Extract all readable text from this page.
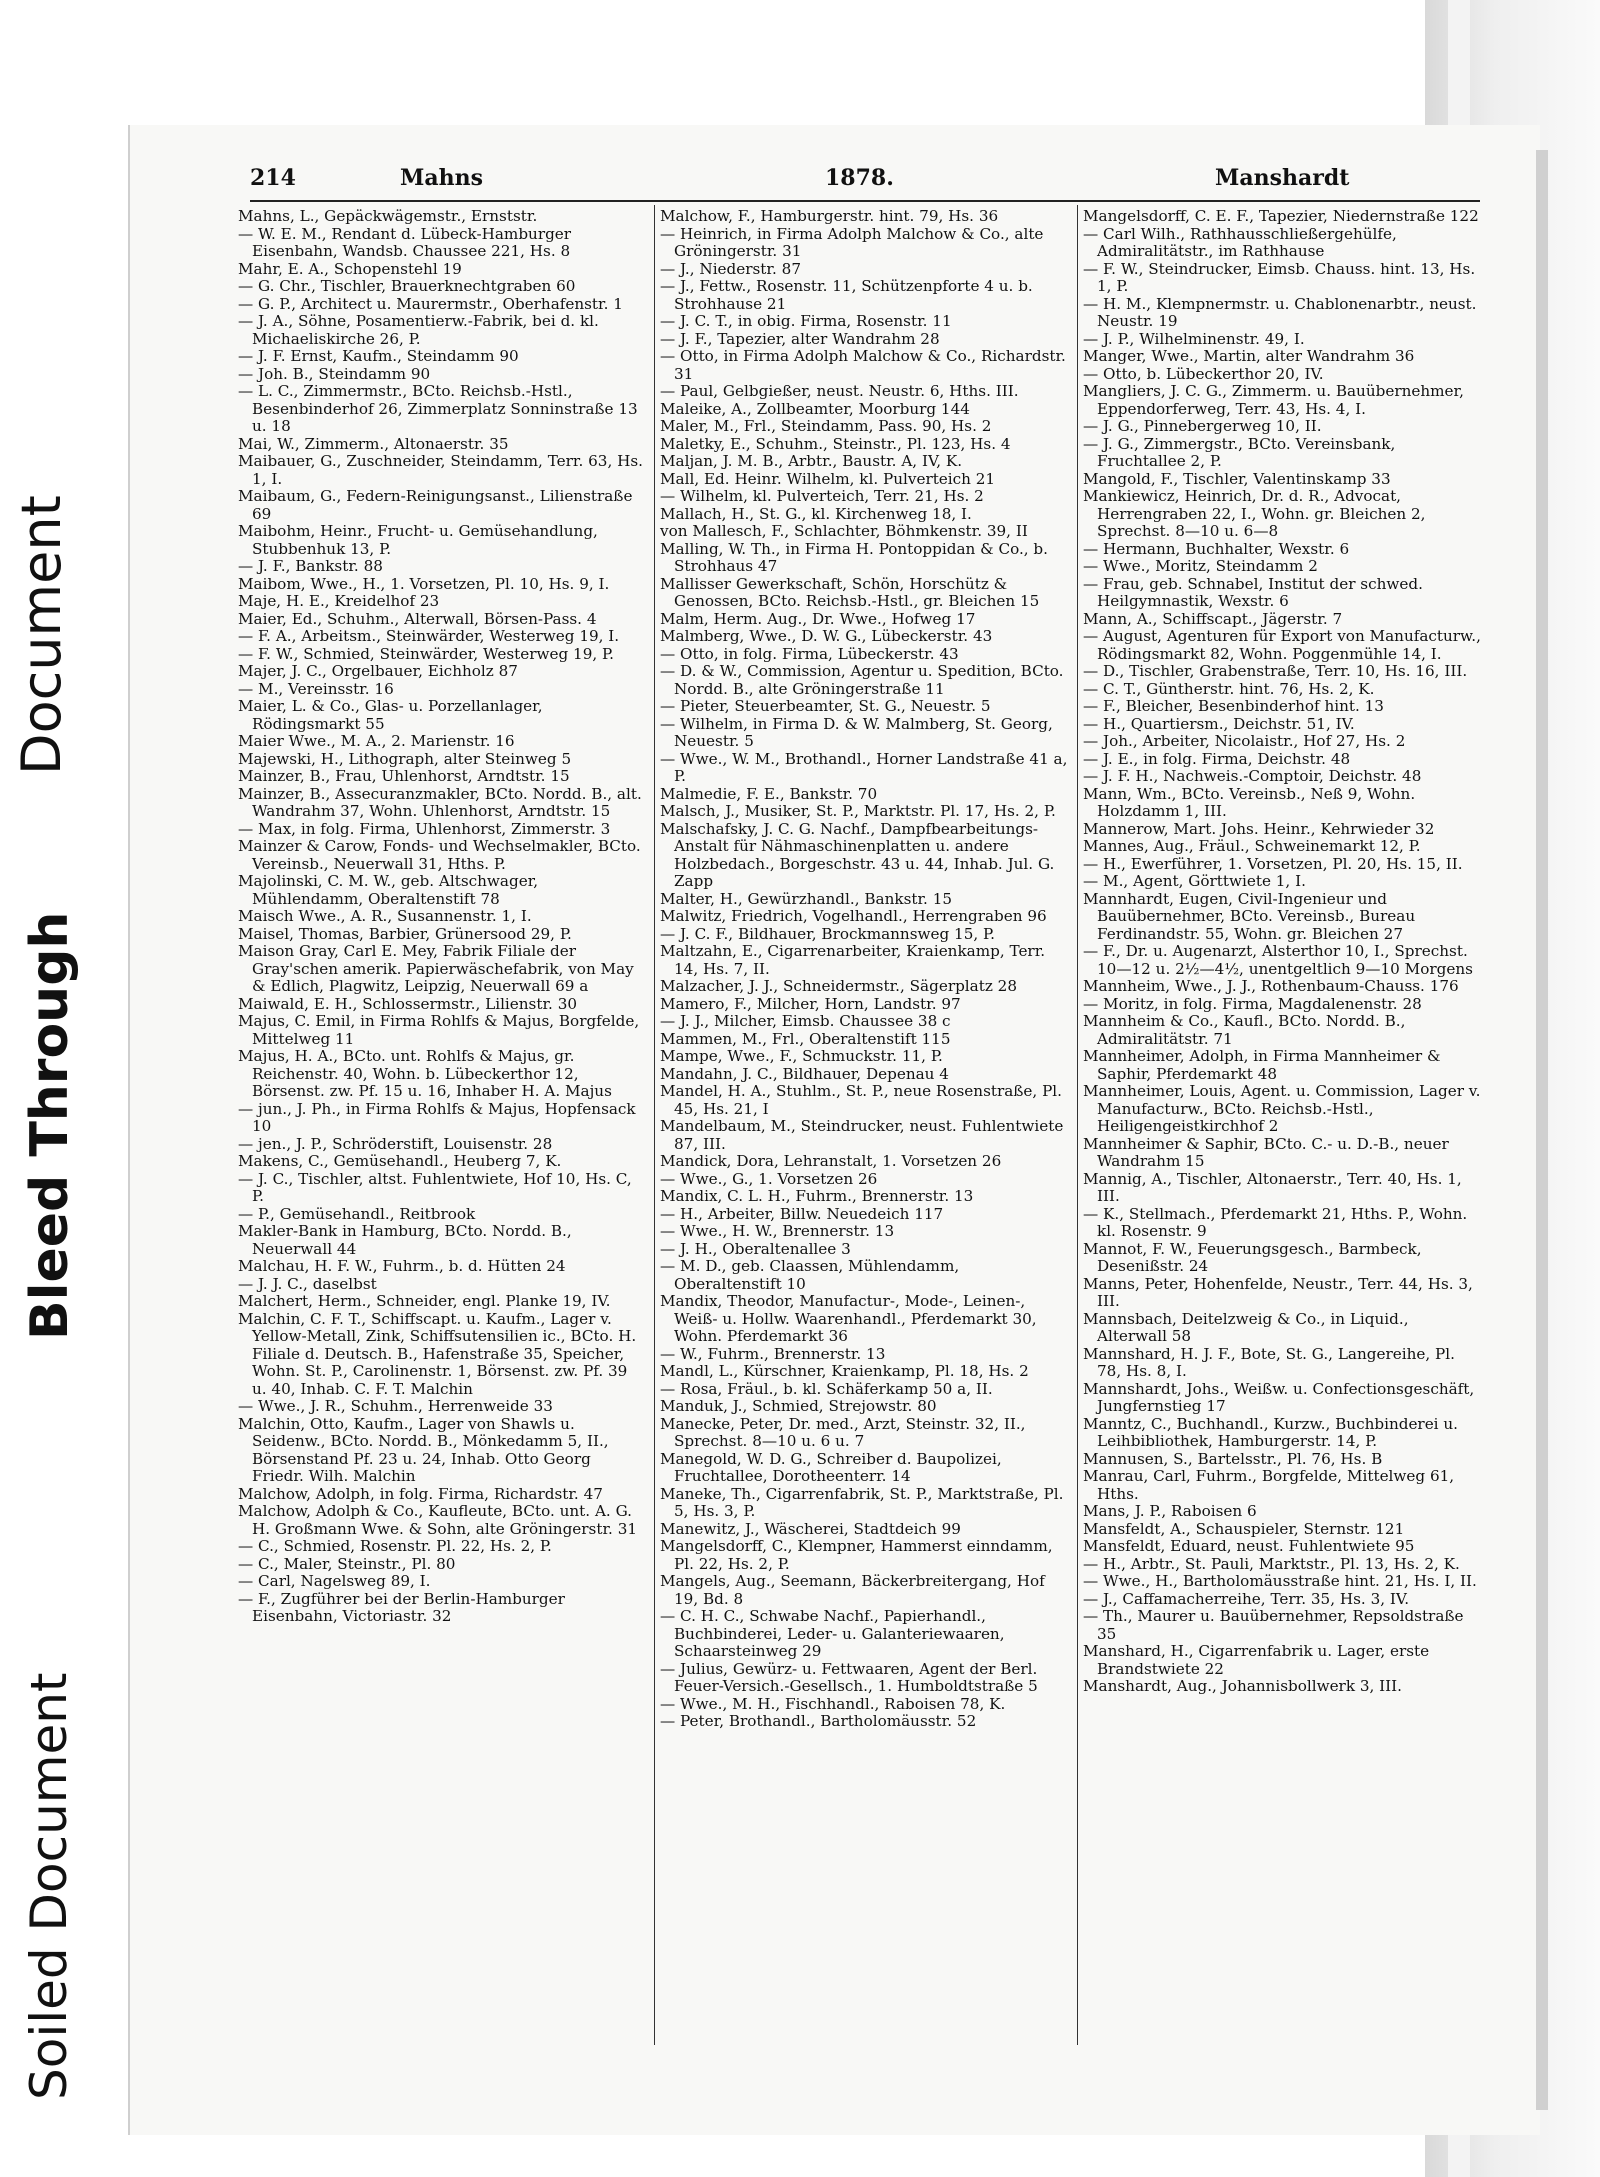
Soiled Document
Bleed Through
Document
214	Mahns	1878.	Manshardt

Mahns, L., Gepäckwägemstr., Ernststr.

— W. E. M., Rendant d. Lübeck-Hamburger Eisenbahn, Wandsb. Chaussee 221, Hs. 8

Mahr, E. A., Schopenstehl 19

— G. Chr., Tischler, Brauerknechtgraben 60

— G. P., Architect u. Maurermstr., Oberhafenstr. 1

— J. A., Söhne, Posamentierw.-Fabrik, bei d. kl. Michaeliskirche 26, P.

— J. F. Ernst, Kaufm., Steindamm 90

— Joh. B., Steindamm 90

— L. C., Zimmermstr., BCto. Reichsb.-Hstl., Besenbinderhof 26, Zimmerplatz Sonninstraße 13 u. 18

Mai, W., Zimmerm., Altonaerstr. 35

Maibauer, G., Zuschneider, Steindamm, Terr. 63, Hs. 1, I.

Maibaum, G., Federn-Reinigungsanst., Lilienstraße 69

Maibohm, Heinr., Frucht- u. Gemüsehandlung, Stubbenhuk 13, P.

— J. F., Bankstr. 88

Maibom, Wwe., H., 1. Vorsetzen, Pl. 10, Hs. 9, I.

Maje, H. E., Kreidelhof 23

Maier, Ed., Schuhm., Alterwall, Börsen-Pass. 4

— F. A., Arbeitsm., Steinwärder, Westerweg 19, I.

— F. W., Schmied, Steinwärder, Westerweg 19, P.

Majer, J. C., Orgelbauer, Eichholz 87

— M., Vereinsstr. 16

Maier, L. & Co., Glas- u. Porzellanlager, Rödingsmarkt 55

Maier Wwe., M. A., 2. Marienstr. 16

Majewski, H., Lithograph, alter Steinweg 5

Mainzer, B., Frau, Uhlenhorst, Arndtstr. 15

Mainzer, B., Assecuranzmakler, BCto. Nordd. B., alt. Wandrahm 37, Wohn. Uhlenhorst, Arndtstr. 15

— Max, in folg. Firma, Uhlenhorst, Zimmerstr. 3

Mainzer & Carow, Fonds- und Wechselmakler, BCto. Vereinsb., Neuerwall 31, Hths. P.

Majolinski, C. M. W., geb. Altschwager, Mühlendamm, Oberaltenstift 78

Maisch Wwe., A. R., Susannenstr. 1, I.

Maisel, Thomas, Barbier, Grünersood 29, P.

Maison Gray, Carl E. Mey, Fabrik Filiale der Gray'schen amerik. Papierwäschefabrik, von May & Edlich, Plagwitz, Leipzig, Neuerwall 69 a

Maiwald, E. H., Schlossermstr., Lilienstr. 30

Majus, C. Emil, in Firma Rohlfs & Majus, Borgfelde, Mittelweg 11

Majus, H. A., BCto. unt. Rohlfs & Majus, gr. Reichenstr. 40, Wohn. b. Lübeckerthor 12, Börsenst. zw. Pf. 15 u. 16, Inhaber H. A. Majus

— jun., J. Ph., in Firma Rohlfs & Majus, Hopfensack 10

— jen., J. P., Schröderstift, Louisenstr. 28

Makens, C., Gemüsehandl., Heuberg 7, K.

— J. C., Tischler, altst. Fuhlentwiete, Hof 10, Hs. C, P.

— P., Gemüsehandl., Reitbrook

Makler-Bank in Hamburg, BCto. Nordd. B., Neuerwall 44

Malchau, H. F. W., Fuhrm., b. d. Hütten 24

— J. J. C., daselbst

Malchert, Herm., Schneider, engl. Planke 19, IV.

Malchin, C. F. T., Schiffscapt. u. Kaufm., Lager v. Yellow-Metall, Zink, Schiffsutensilien ic., BCto. H. Filiale d. Deutsch. B., Hafenstraße 35, Speicher, Wohn. St. P., Carolinenstr. 1, Börsenst. zw. Pf. 39 u. 40, Inhab. C. F. T. Malchin

— Wwe., J. R., Schuhm., Herrenweide 33

Malchin, Otto, Kaufm., Lager von Shawls u. Seidenw., BCto. Nordd. B., Mönkedamm 5, II., Börsenstand Pf. 23 u. 24, Inhab. Otto Georg Friedr. Wilh. Malchin

Malchow, Adolph, in folg. Firma, Richardstr. 47

Malchow, Adolph & Co., Kaufleute, BCto. unt. A. G. H. Großmann Wwe. & Sohn, alte Gröningerstr. 31

— C., Schmied, Rosenstr. Pl. 22, Hs. 2, P.

— C., Maler, Steinstr., Pl. 80

— Carl, Nagelsweg 89, I.

— F., Zugführer bei der Berlin-Hamburger Eisenbahn, Victoriastr. 32

Malchow, F., Hamburgerstr. hint. 79, Hs. 36

— Heinrich, in Firma Adolph Malchow & Co., alte Gröningerstr. 31

— J., Niederstr. 87

— J., Fettw., Rosenstr. 11, Schützenpforte 4 u. b. Strohhause 21

— J. C. T., in obig. Firma, Rosenstr. 11

— J. F., Tapezier, alter Wandrahm 28

— Otto, in Firma Adolph Malchow & Co., Richardstr. 31

— Paul, Gelbgießer, neust. Neustr. 6, Hths. III.

Maleike, A., Zollbeamter, Moorburg 144

Maler, M., Frl., Steindamm, Pass. 90, Hs. 2

Maletky, E., Schuhm., Steinstr., Pl. 123, Hs. 4

Maljan, J. M. B., Arbtr., Baustr. A, IV, K.

Mall, Ed. Heinr. Wilhelm, kl. Pulverteich 21

— Wilhelm, kl. Pulverteich, Terr. 21, Hs. 2

Mallach, H., St. G., kl. Kirchenweg 18, I.

von Mallesch, F., Schlachter, Böhmkenstr. 39, II

Malling, W. Th., in Firma H. Pontoppidan & Co., b. Strohhaus 47

Mallisser Gewerkschaft, Schön, Horschütz & Genossen, BCto. Reichsb.-Hstl., gr. Bleichen 15

Malm, Herm. Aug., Dr. Wwe., Hofweg 17

Malmberg, Wwe., D. W. G., Lübeckerstr. 43

— Otto, in folg. Firma, Lübeckerstr. 43

— D. & W., Commission, Agentur u. Spedition, BCto. Nordd. B., alte Gröningerstraße 11

— Pieter, Steuerbeamter, St. G., Neuestr. 5

— Wilhelm, in Firma D. & W. Malmberg, St. Georg, Neuestr. 5

— Wwe., W. M., Brothandl., Horner Landstraße 41 a, P.

Malmedie, F. E., Bankstr. 70

Malsch, J., Musiker, St. P., Marktstr. Pl. 17, Hs. 2, P.

Malschafsky, J. C. G. Nachf., Dampfbearbeitungs-Anstalt für Nähmaschinenplatten u. andere Holzbedach., Borgeschstr. 43 u. 44, Inhab. Jul. G. Zapp

Malter, H., Gewürzhandl., Bankstr. 15

Malwitz, Friedrich, Vogelhandl., Herrengraben 96

— J. C. F., Bildhauer, Brockmannsweg 15, P.

Maltzahn, E., Cigarrenarbeiter, Kraienkamp, Terr. 14, Hs. 7, II.

Malzacher, J. J., Schneidermstr., Sägerplatz 28

Mamero, F., Milcher, Horn, Landstr. 97

— J. J., Milcher, Eimsb. Chaussee 38 c

Mammen, M., Frl., Oberaltenstift 115

Mampe, Wwe., F., Schmuckstr. 11, P.

Mandahn, J. C., Bildhauer, Depenau 4

Mandel, H. A., Stuhlm., St. P., neue Rosenstraße, Pl. 45, Hs. 21, I

Mandelbaum, M., Steindrucker, neust. Fuhlentwiete 87, III.

Mandick, Dora, Lehranstalt, 1. Vorsetzen 26

— Wwe., G., 1. Vorsetzen 26

Mandix, C. L. H., Fuhrm., Brennerstr. 13

— H., Arbeiter, Billw. Neuedeich 117

— Wwe., H. W., Brennerstr. 13

— J. H., Oberaltenallee 3

— M. D., geb. Claassen, Mühlendamm, Oberaltenstift 10

Mandix, Theodor, Manufactur-, Mode-, Leinen-, Weiß- u. Hollw. Waarenhandl., Pferdemarkt 30, Wohn. Pferdemarkt 36

— W., Fuhrm., Brennerstr. 13

Mandl, L., Kürschner, Kraienkamp, Pl. 18, Hs. 2

— Rosa, Fräul., b. kl. Schäferkamp 50 a, II.

Manduk, J., Schmied, Strejowstr. 80

Manecke, Peter, Dr. med., Arzt, Steinstr. 32, II., Sprechst. 8—10 u. 6 u. 7

Manegold, W. D. G., Schreiber d. Baupolizei, Fruchtallee, Dorotheenterr. 14

Maneke, Th., Cigarrenfabrik, St. P., Marktstraße, Pl. 5, Hs. 3, P.

Manewitz, J., Wäscherei, Stadtdeich 99

Mangelsdorff, C., Klempner, Hammerst einndamm, Pl. 22, Hs. 2, P.

Mangels, Aug., Seemann, Bäckerbreitergang, Hof 19, Bd. 8

— C. H. C., Schwabe Nachf., Papierhandl., Buchbinderei, Leder- u. Galanteriewaaren, Schaarsteinweg 29

— Julius, Gewürz- u. Fettwaaren, Agent der Berl. Feuer-Versich.-Gesellsch., 1. Humboldtstraße 5

— Wwe., M. H., Fischhandl., Raboisen 78, K.

— Peter, Brothandl., Bartholomäusstr. 52

Mangelsdorff, C. E. F., Tapezier, Niedernstraße 122

— Carl Wilh., Rathhausschließergehülfe, Admiralitätstr., im Rathhause

— F. W., Steindrucker, Eimsb. Chauss. hint. 13, Hs. 1, P.

— H. M., Klempnermstr. u. Chablonenarbtr., neust. Neustr. 19

— J. P., Wilhelminenstr. 49, I.

Manger, Wwe., Martin, alter Wandrahm 36

— Otto, b. Lübeckerthor 20, IV.

Mangliers, J. C. G., Zimmerm. u. Bauübernehmer, Eppendorferweg, Terr. 43, Hs. 4, I.

— J. G., Pinnebergerweg 10, II.

— J. G., Zimmergstr., BCto. Vereinsbank, Fruchtallee 2, P.

Mangold, F., Tischler, Valentinskamp 33

Mankiewicz, Heinrich, Dr. d. R., Advocat, Herrengraben 22, I., Wohn. gr. Bleichen 2, Sprechst. 8—10 u. 6—8

— Hermann, Buchhalter, Wexstr. 6

— Wwe., Moritz, Steindamm 2

— Frau, geb. Schnabel, Institut der schwed. Heilgymnastik, Wexstr. 6

Mann, A., Schiffscapt., Jägerstr. 7

— August, Agenturen für Export von Manufacturw., Rödingsmarkt 82, Wohn. Poggenmühle 14, I.

— D., Tischler, Grabenstraße, Terr. 10, Hs. 16, III.

— C. T., Güntherstr. hint. 76, Hs. 2, K.

— F., Bleicher, Besenbinderhof hint. 13

— H., Quartiersm., Deichstr. 51, IV.

— Joh., Arbeiter, Nicolaistr., Hof 27, Hs. 2

— J. E., in folg. Firma, Deichstr. 48

— J. F. H., Nachweis.-Comptoir, Deichstr. 48

Mann, Wm., BCto. Vereinsb., Neß 9, Wohn. Holzdamm 1, III.

Mannerow, Mart. Johs. Heinr., Kehrwieder 32

Mannes, Aug., Fräul., Schweinemarkt 12, P.

— H., Ewerführer, 1. Vorsetzen, Pl. 20, Hs. 15, II.

— M., Agent, Görttwiete 1, I.

Mannhardt, Eugen, Civil-Ingenieur und Bauübernehmer, BCto. Vereinsb., Bureau Ferdinandstr. 55, Wohn. gr. Bleichen 27

— F., Dr. u. Augenarzt, Alsterthor 10, I., Sprechst. 10—12 u. 2½—4½, unentgeltlich 9—10 Morgens

Mannheim, Wwe., J. J., Rothenbaum-Chauss. 176

— Moritz, in folg. Firma, Magdalenenstr. 28

Mannheim & Co., Kaufl., BCto. Nordd. B., Admiralitätstr. 71

Mannheimer, Adolph, in Firma Mannheimer & Saphir, Pferdemarkt 48

Mannheimer, Louis, Agent. u. Commission, Lager v. Manufacturw., BCto. Reichsb.-Hstl., Heiligengeistkirchhof 2

Mannheimer & Saphir, BCto. C.- u. D.-B., neuer Wandrahm 15

Mannig, A., Tischler, Altonaerstr., Terr. 40, Hs. 1, III.

— K., Stellmach., Pferdemarkt 21, Hths. P., Wohn. kl. Rosenstr. 9

Mannot, F. W., Feuerungsgesch., Barmbeck, Desenißstr. 24

Manns, Peter, Hohenfelde, Neustr., Terr. 44, Hs. 3, III.

Mannsbach, Deitelzweig & Co., in Liquid., Alterwall 58

Mannshard, H. J. F., Bote, St. G., Langereihe, Pl. 78, Hs. 8, I.

Mannshardt, Johs., Weißw. u. Confectionsgeschäft, Jungfernstieg 17

Manntz, C., Buchhandl., Kurzw., Buchbinderei u. Leihbibliothek, Hamburgerstr. 14, P.

Mannusen, S., Bartelsstr., Pl. 76, Hs. B

Manrau, Carl, Fuhrm., Borgfelde, Mittelweg 61, Hths.

Mans, J. P., Raboisen 6

Mansfeldt, A., Schauspieler, Sternstr. 121

Mansfeldt, Eduard, neust. Fuhlentwiete 95

— H., Arbtr., St. Pauli, Marktstr., Pl. 13, Hs. 2, K.

— Wwe., H., Bartholomäusstraße hint. 21, Hs. I, II.

— J., Caffamacherreihe, Terr. 35, Hs. 3, IV.

— Th., Maurer u. Bauübernehmer, Repsoldstraße 35

Manshard, H., Cigarrenfabrik u. Lager, erste Brandstwiete 22

Manshardt, Aug., Johannisbollwerk 3, III.
